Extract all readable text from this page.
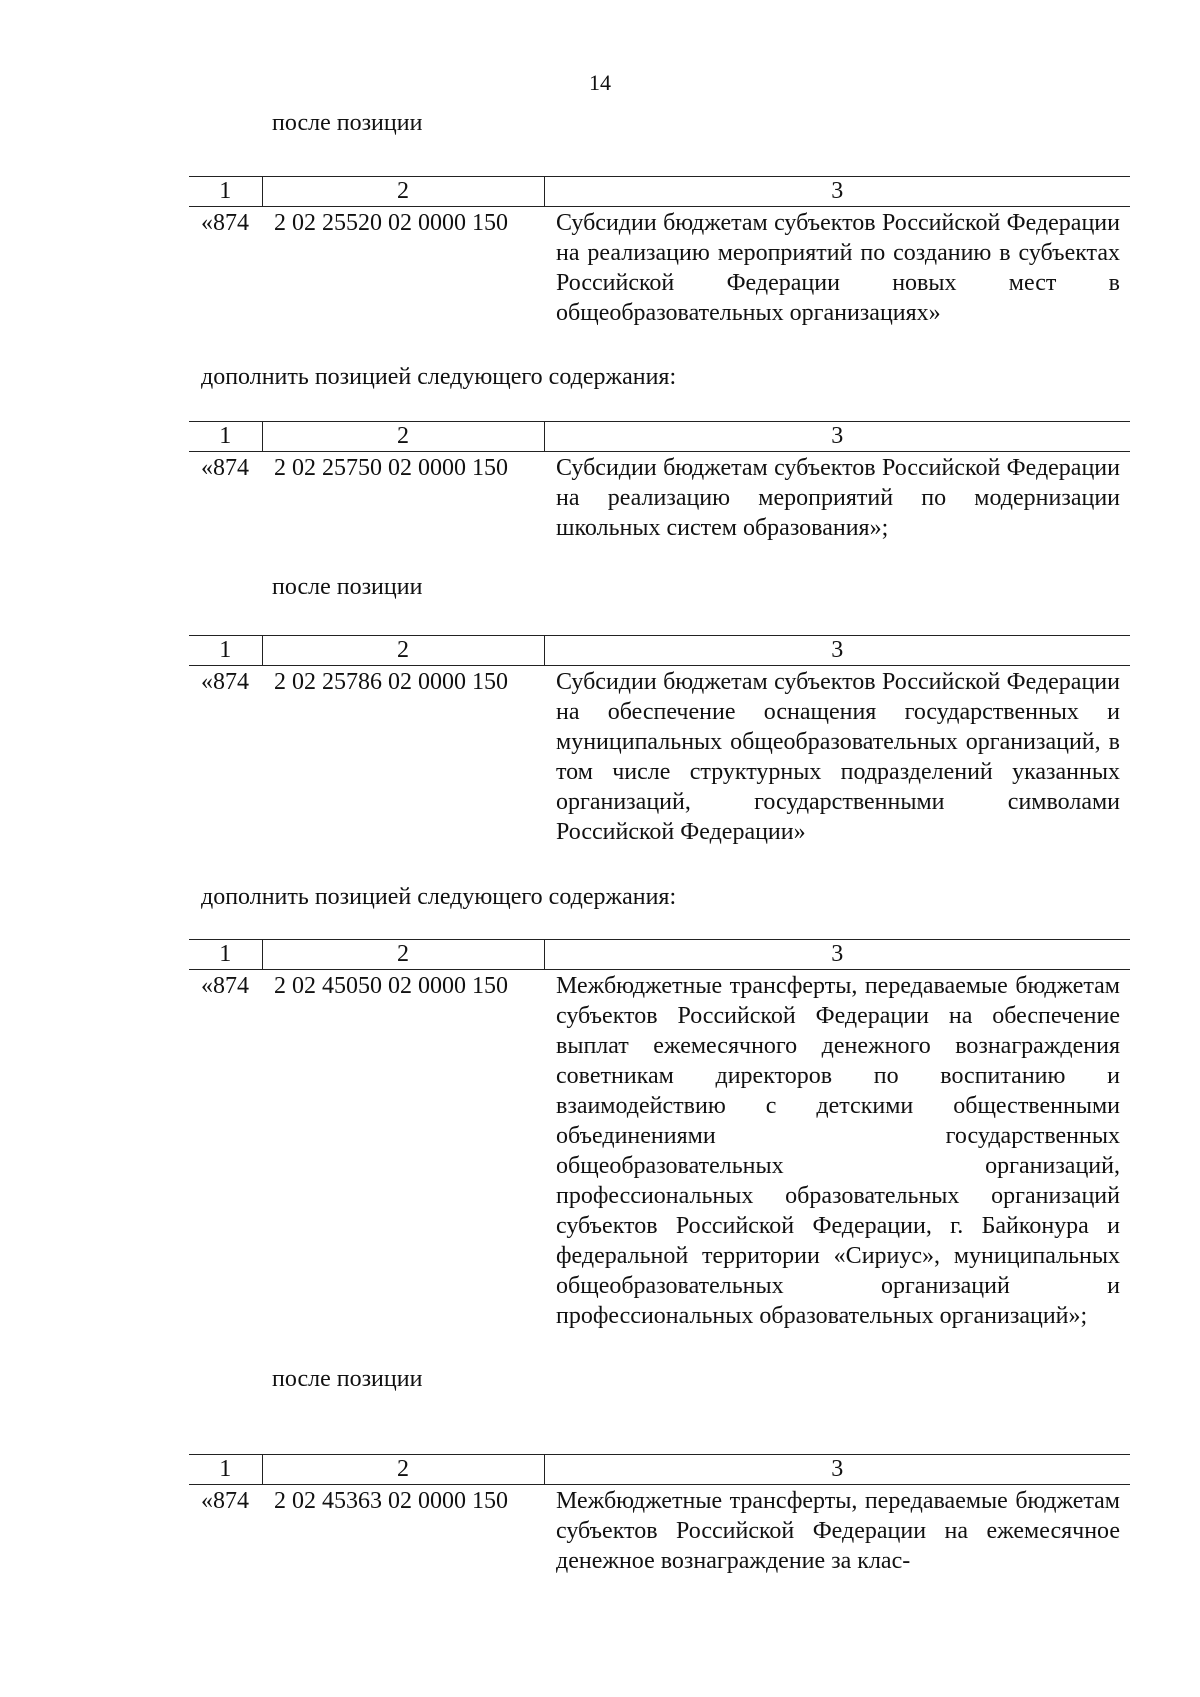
14
после позиции
1	2	3
«874	2 02 25520 02 0000 150	Субсидии бюджетам субъектов Российской Федерации на реализацию мероприятий по созданию в субъектах Российской Федерации новых мест в общеобразовательных организациях»
дополнить позицией следующего содержания:
1	2	3
«874	2 02 25750 02 0000 150	Субсидии бюджетам субъектов Российской Федерации на реализацию мероприятий по модернизации школьных систем образования»;
после позиции
1	2	3
«874	2 02 25786 02 0000 150	Субсидии бюджетам субъектов Российской Федерации на обеспечение оснащения государственных и муниципальных общеобразовательных организаций, в том числе структурных подразделений указанных организаций, государственными символами Российской Федерации»
дополнить позицией следующего содержания:
1	2	3
«874	2 02 45050 02 0000 150	Межбюджетные трансферты, передаваемые бюджетам субъектов Российской Федерации на обеспечение выплат ежемесячного денежного вознаграждения советникам директоров по воспитанию и взаимодействию с детскими общественными объединениями государственных общеобразовательных организаций, профессиональных образовательных организаций субъектов Российской Федерации, г. Байконура и федеральной территории «Сириус», муниципальных общеобразовательных организаций и профессиональных образовательных организаций»;
после позиции
1	2	3
«874	2 02 45363 02 0000 150	Межбюджетные трансферты, передаваемые бюджетам субъектов Российской Федерации на ежемесячное денежное вознаграждение за клас-
